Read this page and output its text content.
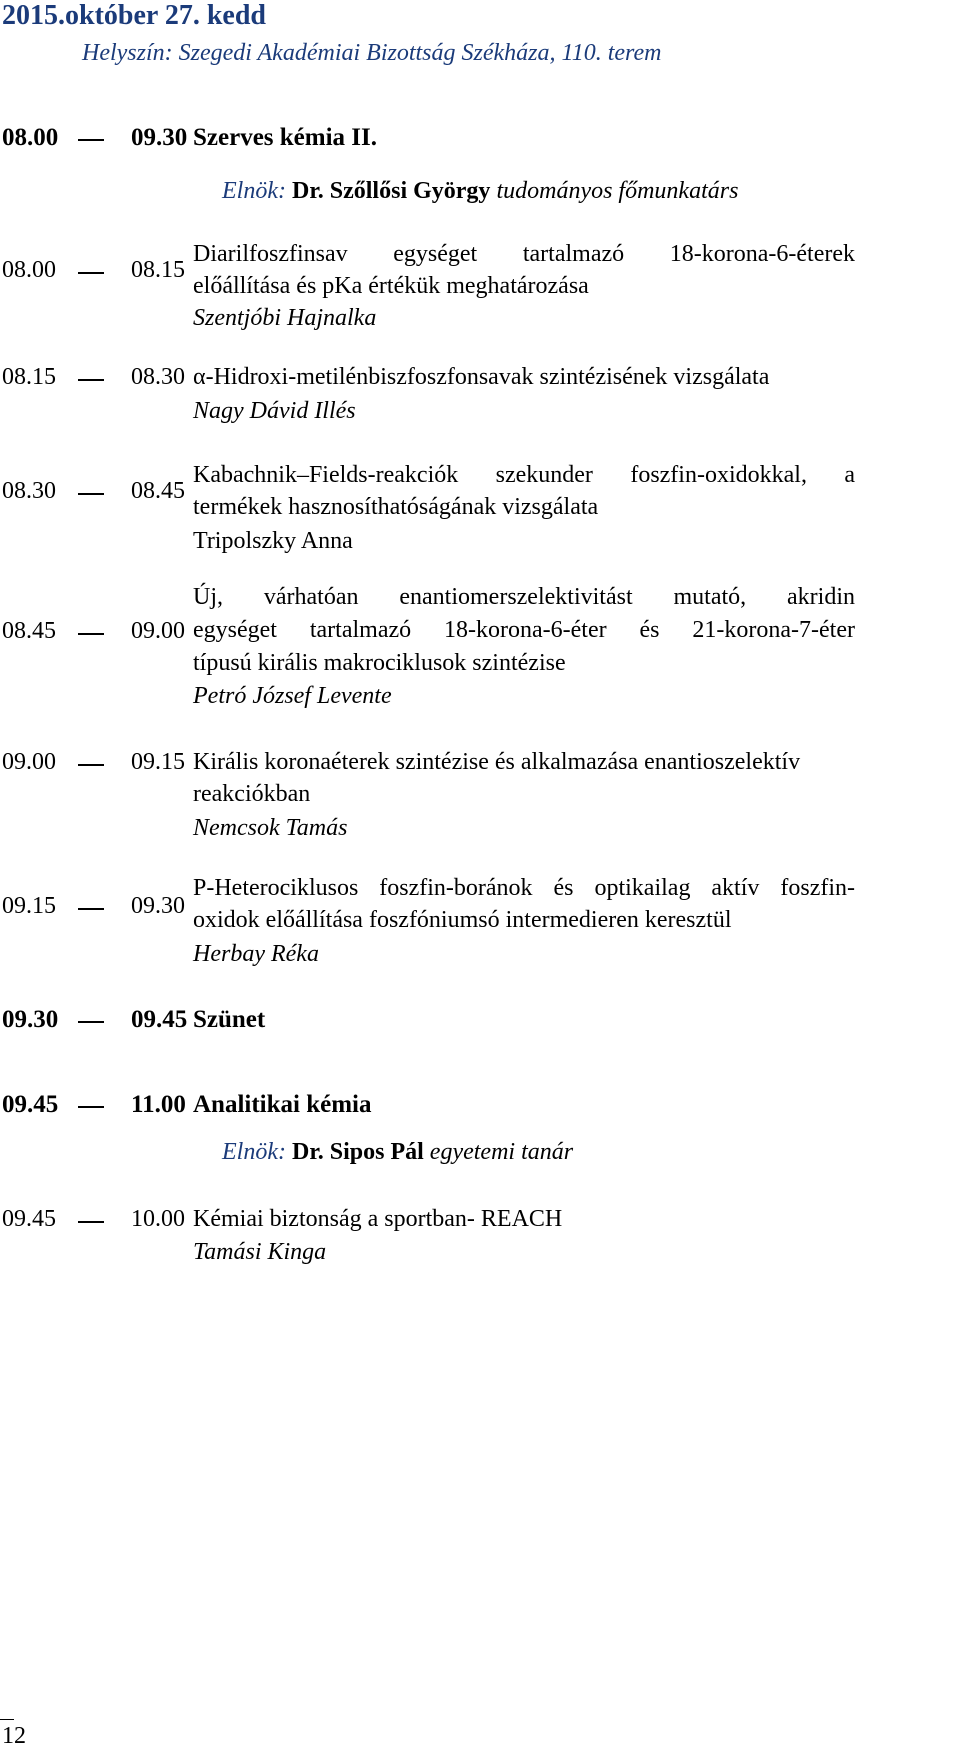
2015.október 27. kedd
Helyszín: Szegedi Akadémiai Bizottság Székháza, 110. terem
08.00	09.30 Szerves kémia II.
Elnök: Dr. Szőllősi György tudományos főmunkatárs
08.00	08.15
Diarilfoszfinsav egységet tartalmazó 18-korona-6-éterek
előállítása és pKa értékük meghatározása
Szentjóbi Hajnalka
08.15	08.30 α-Hidroxi-metilénbiszfoszfonsavak szintézisének vizsgálata
Nagy Dávid Illés
08.30	08.45
Kabachnik–Fields-reakciók szekunder foszfin-oxidokkal, a
termékek hasznosíthatóságának vizsgálata
Tripolszky Anna
08.45	09.00
Új, várhatóan enantiomerszelektivitást mutató, akridin
egységet tartalmazó 18-korona-6-éter és 21-korona-7-éter
típusú királis makrociklusok szintézise
Petró József Levente
09.00	09.15 Királis koronaéterek szintézise és alkalmazása enantioszelektív
reakciókban
Nemcsok Tamás
09.15	09.30
P-Heterociklusos foszfin-boránok és optikailag aktív foszfin-
oxidok előállítása foszfóniumsó intermedieren keresztül
Herbay Réka
09.30	09.45 Szünet
09.45	11.00 Analitikai kémia
Elnök: Dr. Sipos Pál egyetemi tanár
09.45	10.00 Kémiai biztonság a sportban- REACH
Tamási Kinga
12
